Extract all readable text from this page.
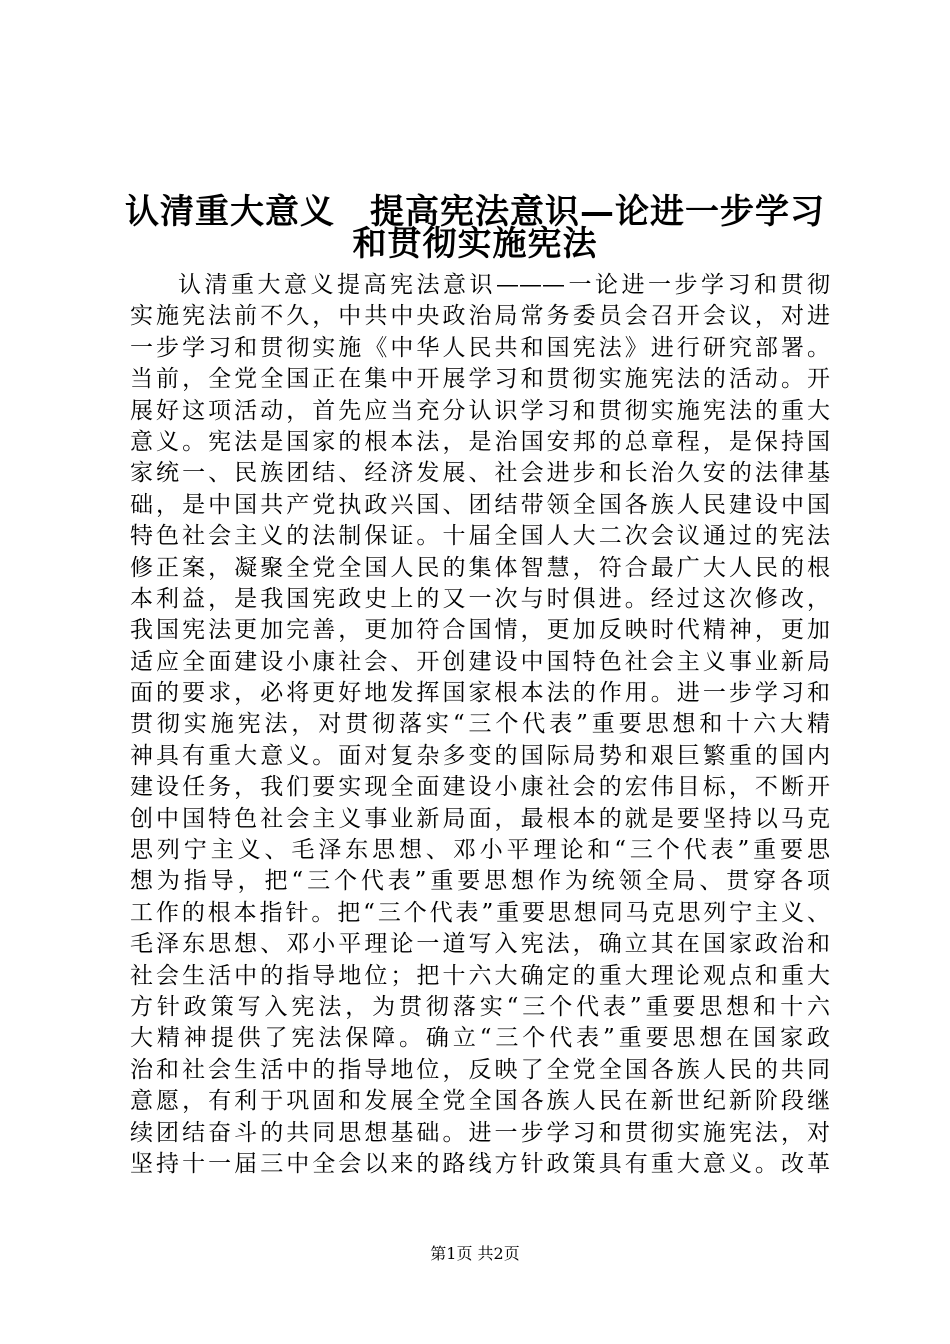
认清重大意义　提高宪法意识—论进一步学习
和贯彻实施宪法
认清重大意义提高宪法意识———一论进一步学习和贯彻
实施宪法前不久，中共中央政治局常务委员会召开会议，对进
一步学习和贯彻实施《中华人民共和国宪法》进行研究部署。
当前，全党全国正在集中开展学习和贯彻实施宪法的活动。开
展好这项活动，首先应当充分认识学习和贯彻实施宪法的重大
意义。宪法是国家的根本法，是治国安邦的总章程，是保持国
家统一、民族团结、经济发展、社会进步和长治久安的法律基
础，是中国共产党执政兴国、团结带领全国各族人民建设中国
特色社会主义的法制保证。十届全国人大二次会议通过的宪法
修正案，凝聚全党全国人民的集体智慧，符合最广大人民的根
本利益，是我国宪政史上的又一次与时俱进。经过这次修改，
我国宪法更加完善，更加符合国情，更加反映时代精神，更加
适应全面建设小康社会、开创建设中国特色社会主义事业新局
面的要求，必将更好地发挥国家根本法的作用。进一步学习和
贯彻实施宪法，对贯彻落实“三个代表”重要思想和十六大精
神具有重大意义。面对复杂多变的国际局势和艰巨繁重的国内
建设任务，我们要实现全面建设小康社会的宏伟目标，不断开
创中国特色社会主义事业新局面，最根本的就是要坚持以马克
思列宁主义、毛泽东思想、邓小平理论和“三个代表”重要思
想为指导，把“三个代表”重要思想作为统领全局、贯穿各项
工作的根本指针。把“三个代表”重要思想同马克思列宁主义、
毛泽东思想、邓小平理论一道写入宪法，确立其在国家政治和
社会生活中的指导地位；把十六大确定的重大理论观点和重大
方针政策写入宪法，为贯彻落实“三个代表”重要思想和十六
大精神提供了宪法保障。确立“三个代表”重要思想在国家政
治和社会生活中的指导地位，反映了全党全国各族人民的共同
意愿，有利于巩固和发展全党全国各族人民在新世纪新阶段继
续团结奋斗的共同思想基础。进一步学习和贯彻实施宪法，对
坚持十一届三中全会以来的路线方针政策具有重大意义。改革
第1页 共2页
